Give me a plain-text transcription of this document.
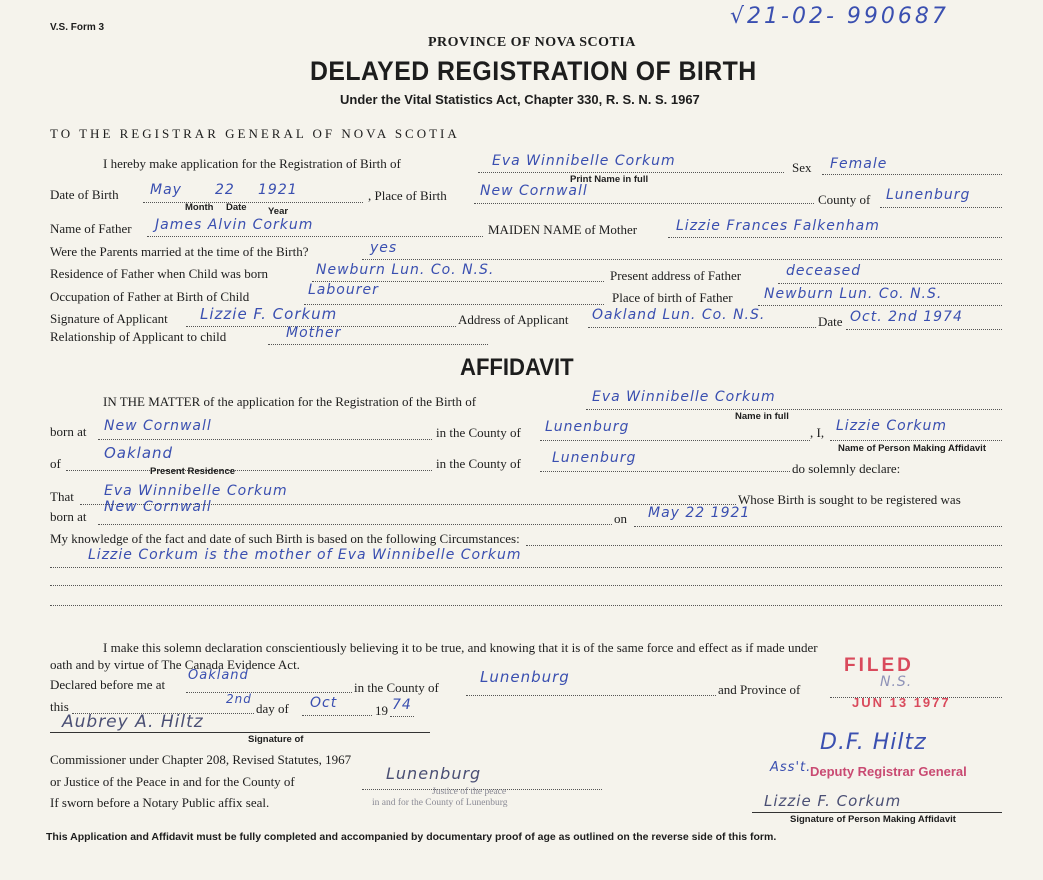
V.S. Form 3	√21-02- 990687
PROVINCE OF NOVA SCOTIA
DELAYED REGISTRATION OF BIRTH
Under the Vital Statistics Act, Chapter 330, R. S. N. S. 1967
TO THE REGISTRAR GENERAL OF NOVA SCOTIA
I hereby make application for the Registration of Birth of	Eva Winnibelle Corkum
Print Name in full
Sex Female
Date of Birth May 22 1921
Month Date Year
, Place of Birth New Cornwall
County of Lunenburg
Name of Father James Alvin Corkum	MAIDEN NAME of Mother	Lizzie Frances Falkenham
Were the Parents married at the time of the Birth?	yes
Residence of Father when Child was born	Newburn Lun. Co. N.S.	Present address of Father	deceased
Occupation of Father at Birth of Child	Labourer	Place of birth of Father Newburn Lun. Co. N.S.
Signature of Applicant Lizzie F. Corkum	Address of Applicant Oakland Lun. Co. N.S.	Date Oct. 2nd 1974
Relationship of Applicant to child	Mother
AFFIDAVIT
IN THE MATTER of the application for the Registration of the Birth of	Eva Winnibelle Corkum
Name in full
born at New Cornwall	in the County of Lunenburg	, I, Lizzie Corkum
Name of Person Making Affidavit
of
Oakland
Present Residence
in the County of Lunenburg
do solemnly declare:
That Eva Winnibelle Corkum
Whose Birth is sought to be registered was
born at
New Cornwall
on May 22 1921
My knowledge of the fact and date of such Birth is based on the following Circumstances:
Lizzie Corkum is the mother of Eva Winnibelle Corkum
I make this solemn declaration conscientiously believing it to be true, and knowing that it is of the same force and effect as if made under
oath and by virtue of The Canada Evidence Act.
Declared before me at
Oakland
in the County of
Lunenburg
and Province of	N.S.
this	2nd
day of Oct	19 74
Aubrey A. Hiltz
Signature of
Commissioner under Chapter 208, Revised Statutes, 1967
or Justice of the Peace in and for the County of	Lunenburg
If sworn before a Notary Public affix seal.
Justice of the peace
in and for the County of Lunenburg
FILED
JUN 13 1977
D.F. Hiltz
Ass't.
Deputy Registrar General
Lizzie F. Corkum
Signature of Person Making Affidavit
This Application and Affidavit must be fully completed and accompanied by documentary proof of age as outlined on the reverse side of this form.
